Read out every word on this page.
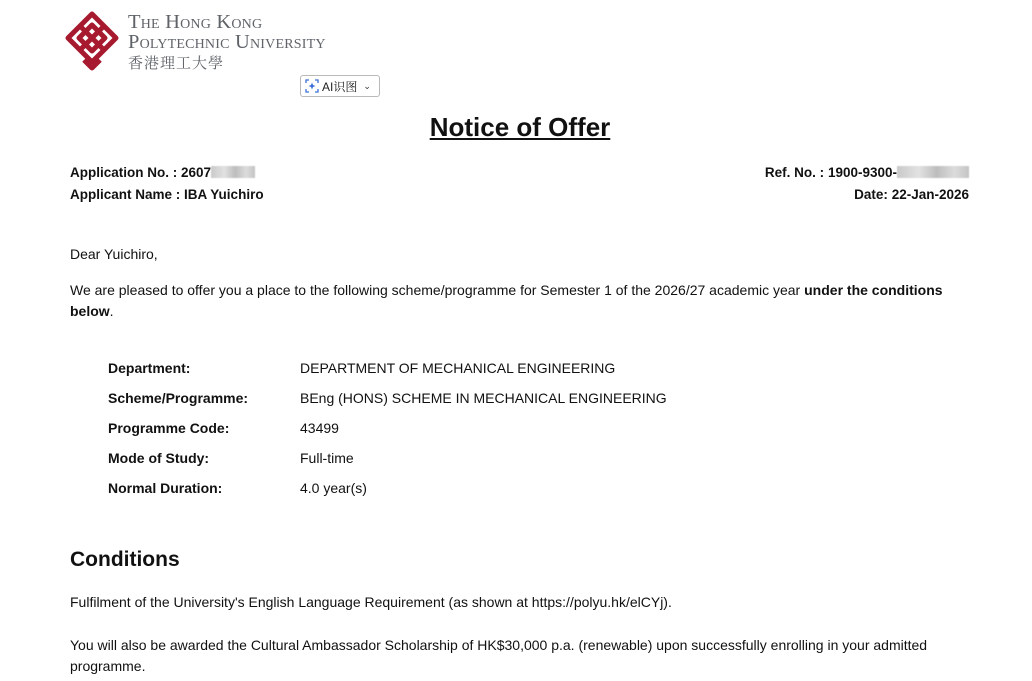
The Hong Kong
Polytechnic University
香港理工大學
AI识图 ⌄
Notice of Offer
Application No. : 2607
Applicant Name : IBA Yuichiro
Ref. No. : 1900-9300-
Date: 22-Jan-2026
Dear Yuichiro,
We are pleased to offer you a place to the following scheme/programme for Semester 1 of the 2026/27 academic year under the conditions below.
Department:	DEPARTMENT OF MECHANICAL ENGINEERING
Scheme/Programme:	BEng (HONS) SCHEME IN MECHANICAL ENGINEERING
Programme Code:	43499
Mode of Study:	Full-time
Normal Duration:	4.0 year(s)
Conditions
Fulfilment of the University's English Language Requirement (as shown at https://polyu.hk/elCYj).
You will also be awarded the Cultural Ambassador Scholarship of HK$30,000 p.a. (renewable) upon successfully enrolling in your admitted programme.
